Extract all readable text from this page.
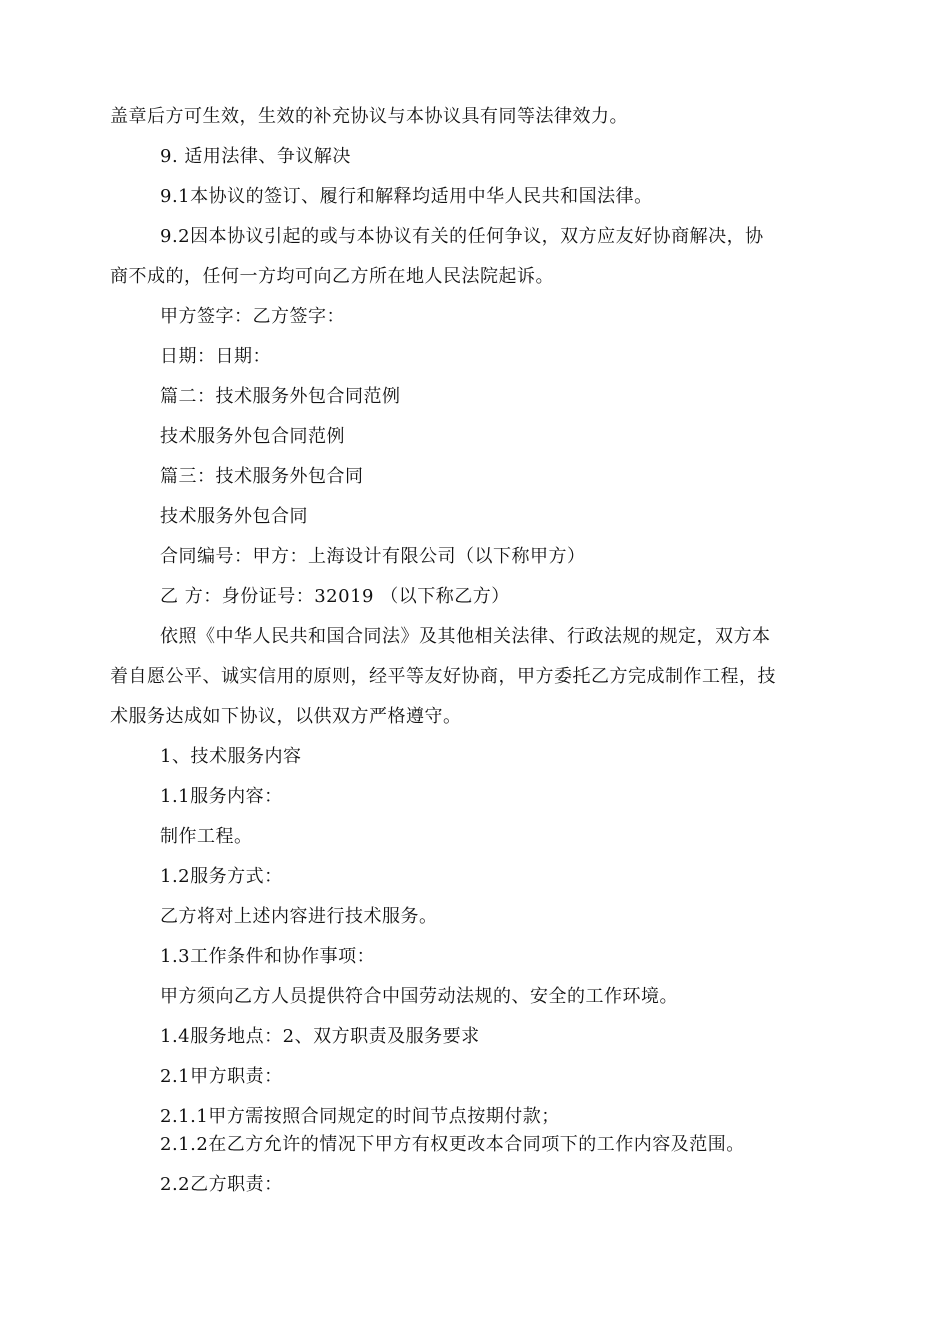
盖章后方可生效，生效的补充协议与本协议具有同等法律效力。
9. 适用法律、争议解决
9.1本协议的签订、履行和解释均适用中华人民共和国法律。
9.2因本协议引起的或与本协议有关的任何争议，双方应友好协商解决，协
商不成的，任何一方均可向乙方所在地人民法院起诉。
甲方签字：乙方签字：
日期：日期：
篇二：技术服务外包合同范例
技术服务外包合同范例
篇三：技术服务外包合同
技术服务外包合同
合同编号：甲方：上海设计有限公司（以下称甲方）
乙 方：身份证号：32019 （以下称乙方）
依照《中华人民共和国合同法》及其他相关法律、行政法规的规定，双方本
着自愿公平、诚实信用的原则，经平等友好协商，甲方委托乙方完成制作工程，技
术服务达成如下协议，以供双方严格遵守。
1、技术服务内容
1.1服务内容：
制作工程。
1.2服务方式：
乙方将对上述内容进行技术服务。
1.3工作条件和协作事项：
甲方须向乙方人员提供符合中国劳动法规的、安全的工作环境。
1.4服务地点：2、双方职责及服务要求
2.1甲方职责：
2.1.1甲方需按照合同规定的时间节点按期付款；
2.1.2在乙方允许的情况下甲方有权更改本合同项下的工作内容及范围。
2.2乙方职责：
